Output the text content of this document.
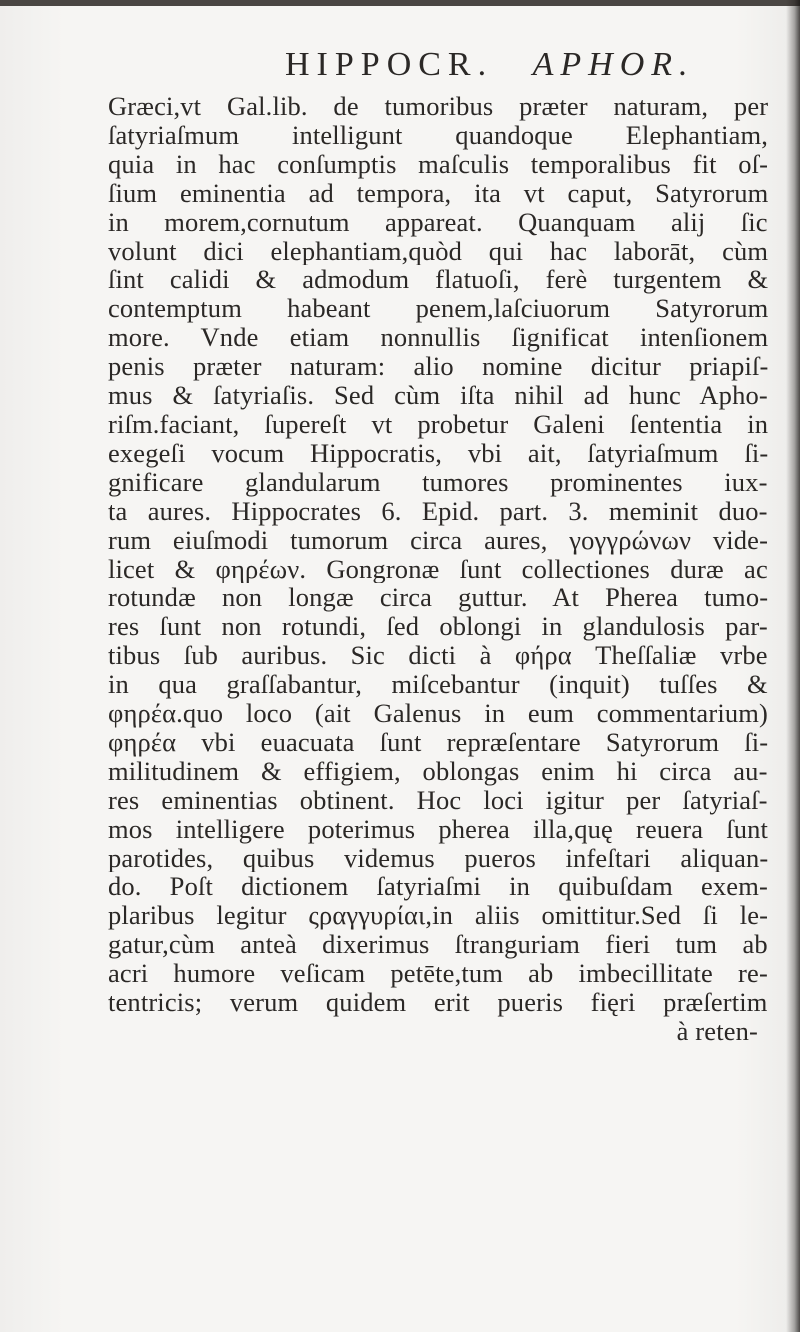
HIPPOCR. APHOR.
Græci,vt Gal.lib. de tumoribus præter naturam, per
ſatyriaſmum intelligunt quandoque Elephantiam,
quia in hac conſumptis maſculis temporalibus fit oſ-
ſium eminentia ad tempora, ita vt caput, Satyrorum
in morem,cornutum appareat. Quanquam alij ſic
volunt dici elephantiam,quòd qui hac laborāt, cùm
ſint calidi & admodum flatuoſi, ferè turgentem &
contemptum habeant penem,laſciuorum Satyrorum
more. Vnde etiam nonnullis ſignificat intenſionem
penis præter naturam: alio nomine dicitur priapiſ-
mus & ſatyriaſis. Sed cùm iſta nihil ad hunc Apho-
riſm.faciant, ſupereſt vt probetur Galeni ſententia in
exegeſi vocum Hippocratis, vbi ait, ſatyriaſmum ſi-
gnificare glandularum tumores prominentes iux-
ta aures. Hippocrates 6. Epid. part. 3. meminit duo-
rum eiuſmodi tumorum circa aures, γογγρώνων vide-
licet & φηρέων. Gongronæ ſunt collectiones duræ ac
rotundæ non longæ circa guttur. At Pherea tumo-
res ſunt non rotundi, ſed oblongi in glandulosis par-
tibus ſub auribus. Sic dicti à φήρα Theſſaliæ vrbe
in qua graſſabantur, miſcebantur (inquit) tuſſes &
φηρέα.quo loco (ait Galenus in eum commentarium)
φηρέα vbi euacuata ſunt repræſentare Satyrorum ſi-
militudinem & effigiem, oblongas enim hi circa au-
res eminentias obtinent. Hoc loci igitur per ſatyriaſ-
mos intelligere poterimus pherea illa,quę reuera ſunt
parotides, quibus videmus pueros infeſtari aliquan-
do. Poſt dictionem ſatyriaſmi in quibuſdam exem-
plaribus legitur ςραγγυρίαι,in aliis omittitur.Sed ſi le-
gatur,cùm anteà dixerimus ſtranguriam fieri tum ab
acri humore veſicam petēte,tum ab imbecillitate re-
tentricis; verum quidem erit pueris fięri præſertim
à reten-
